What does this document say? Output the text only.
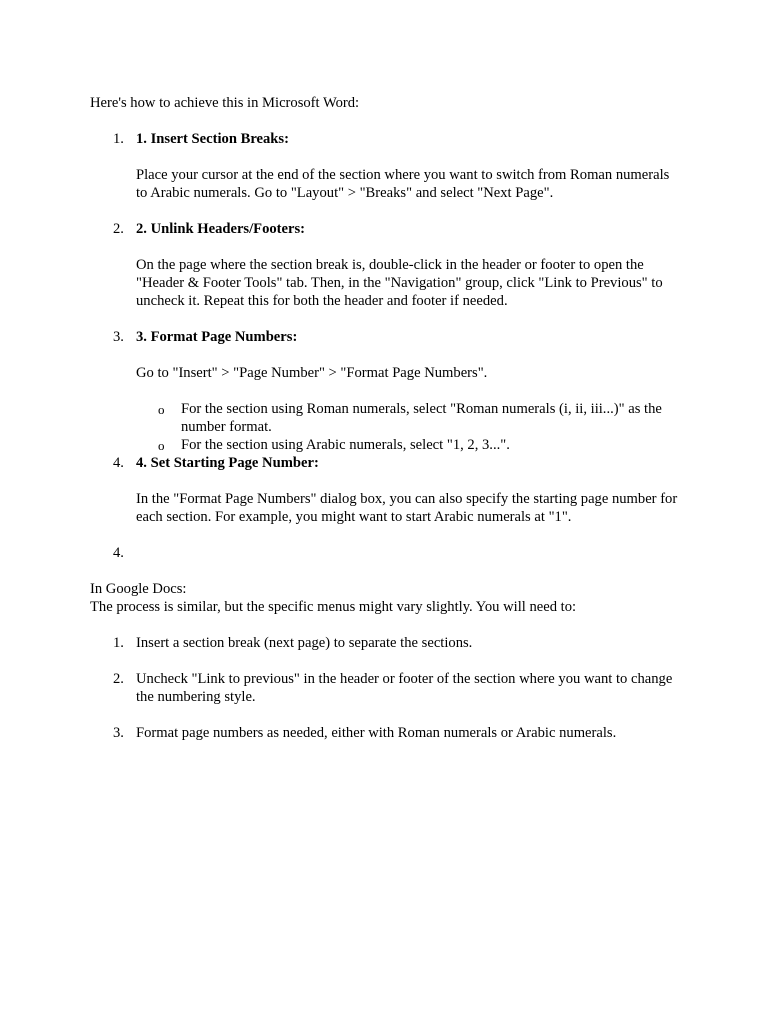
Here's how to achieve this in Microsoft Word:

1. 1. Insert Section Breaks:

Place your cursor at the end of the section where you want to switch from Roman numerals to Arabic numerals. Go to "Layout" > "Breaks" and select "Next Page".

2. 2. Unlink Headers/Footers:

On the page where the section break is, double-click in the header or footer to open the "Header & Footer Tools" tab. Then, in the "Navigation" group, click "Link to Previous" to uncheck it. Repeat this for both the header and footer if needed.

3. 3. Format Page Numbers:

Go to "Insert" > "Page Number" > "Format Page Numbers".

o For the section using Roman numerals, select "Roman numerals (i, ii, iii...)" as the number format.

o For the section using Arabic numerals, select "1, 2, 3...".

4. 4. Set Starting Page Number:

In the "Format Page Numbers" dialog box, you can also specify the starting page number for each section. For example, you might want to start Arabic numerals at "1".

4.

In Google Docs:

The process is similar, but the specific menus might vary slightly. You will need to:

1. Insert a section break (next page) to separate the sections.

2. Uncheck "Link to previous" in the header or footer of the section where you want to change the numbering style.

3. Format page numbers as needed, either with Roman numerals or Arabic numerals.
